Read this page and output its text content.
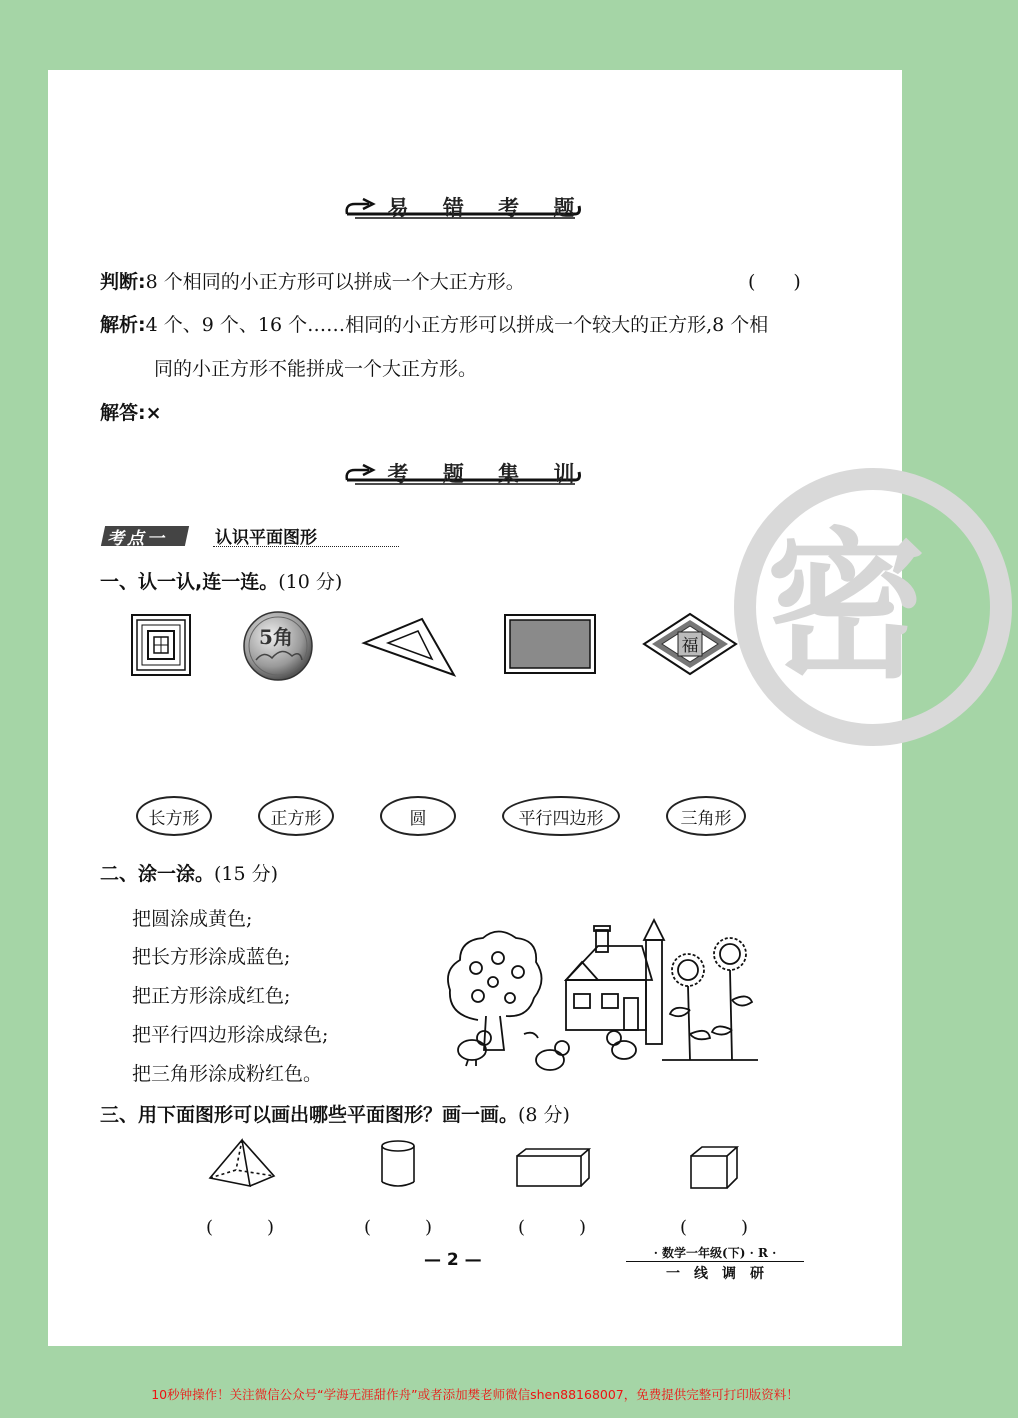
密
易	错	考	题
判断:8 个相同的小正方形可以拼成一个大正方形。	(　　)
解析:4 个、9 个、16 个……相同的小正方形可以拼成一个较大的正方形,8 个相
同的小正方形不能拼成一个大正方形。
解答:×
考	题	集	训
考点一	认识平面图形
一、认一认,连一连。(10 分)
5角	福
长方形	正方形	圆	平行四边形	三角形
二、涂一涂。(15 分)
把圆涂成黄色;
把长方形涂成蓝色;
把正方形涂成红色;
把平行四边形涂成绿色;
把三角形涂成粉红色。
三、用下面图形可以画出哪些平面图形？画一画。(8 分)
(　　　)	(　　　)	(　　　)	(　　　)
— 2 —	· 数学一年级(下) · R ·
一　线　调　研
10秒钟操作！关注微信公众号“学海无涯甜作舟”或者添加樊老师微信shen88168007，免费提供完整可打印版资料！
